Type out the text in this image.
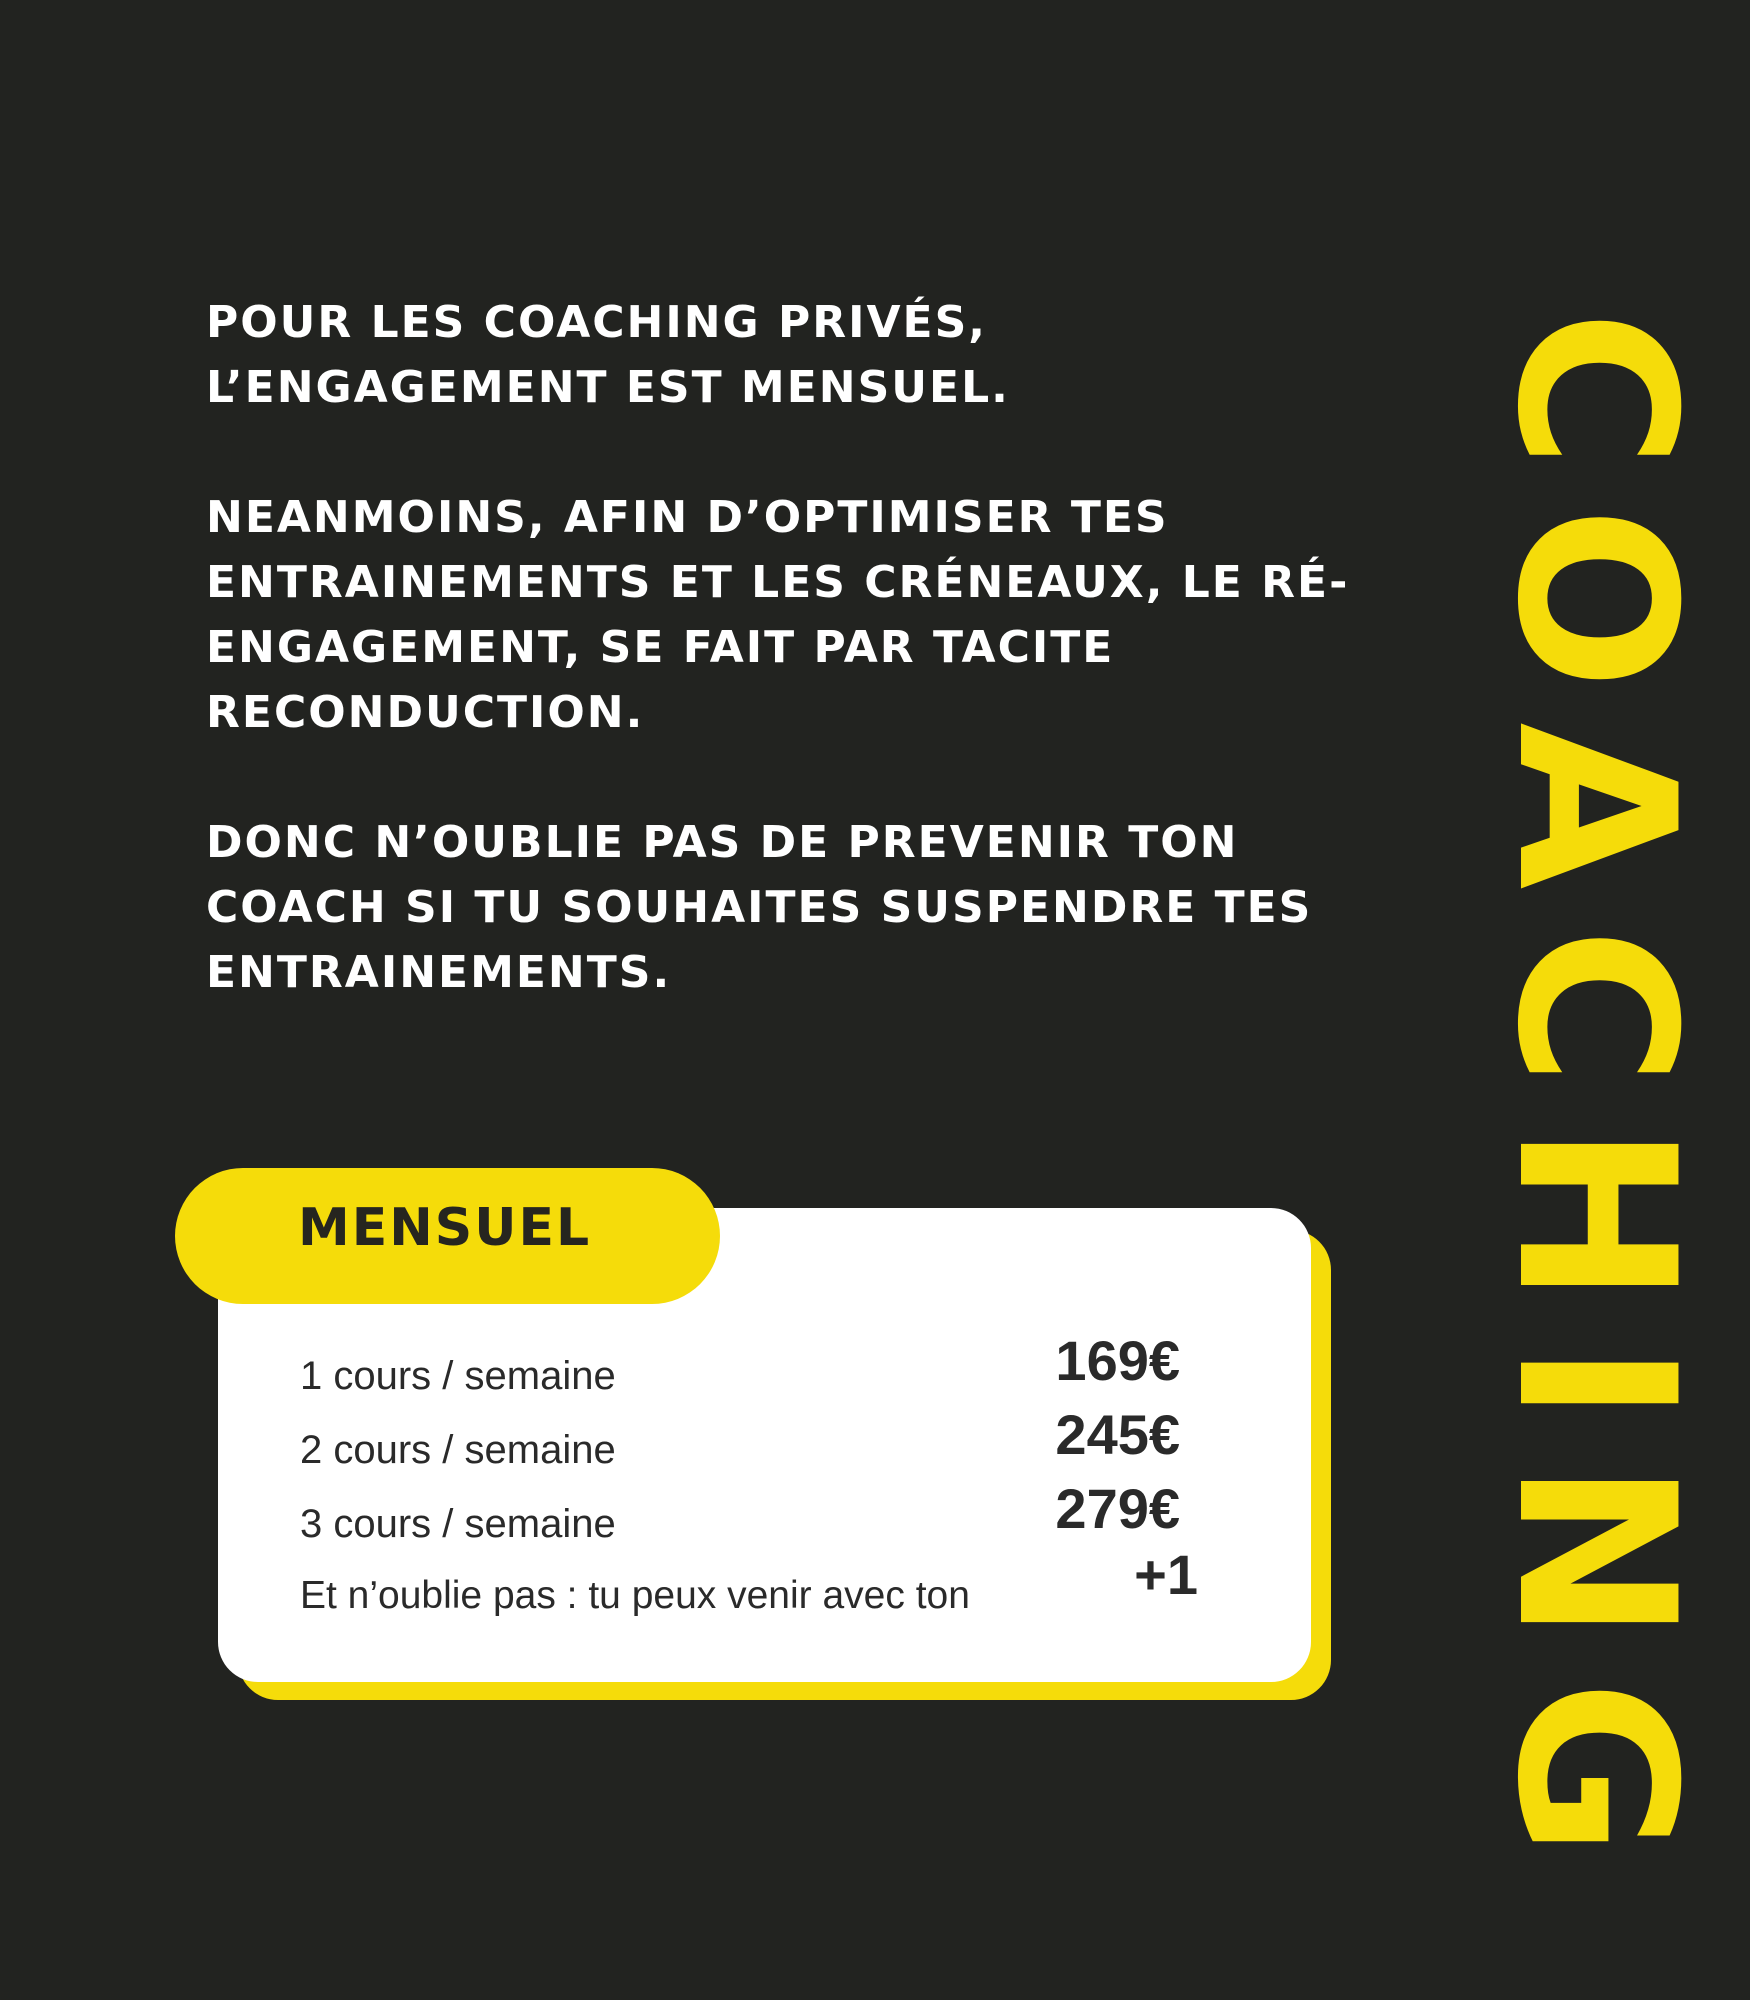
POUR LES COACHING PRIVÉS, L’ENGAGEMENT EST MENSUEL.

NEANMOINS, AFIN D’OPTIMISER TES ENTRAINEMENTS ET LES CRÉNEAUX, LE RÉ-ENGAGEMENT, SE FAIT PAR TACITE RECONDUCTION.

DONC N’OUBLIE PAS DE PREVENIR TON COACH SI TU SOUHAITES SUSPENDRE TES ENTRAINEMENTS.	COACHING
MENSUEL
1 cours / semaine	169€
2 cours / semaine	245€
3 cours / semaine	279€
Et n’oublie pas : tu peux venir avec ton	+1
